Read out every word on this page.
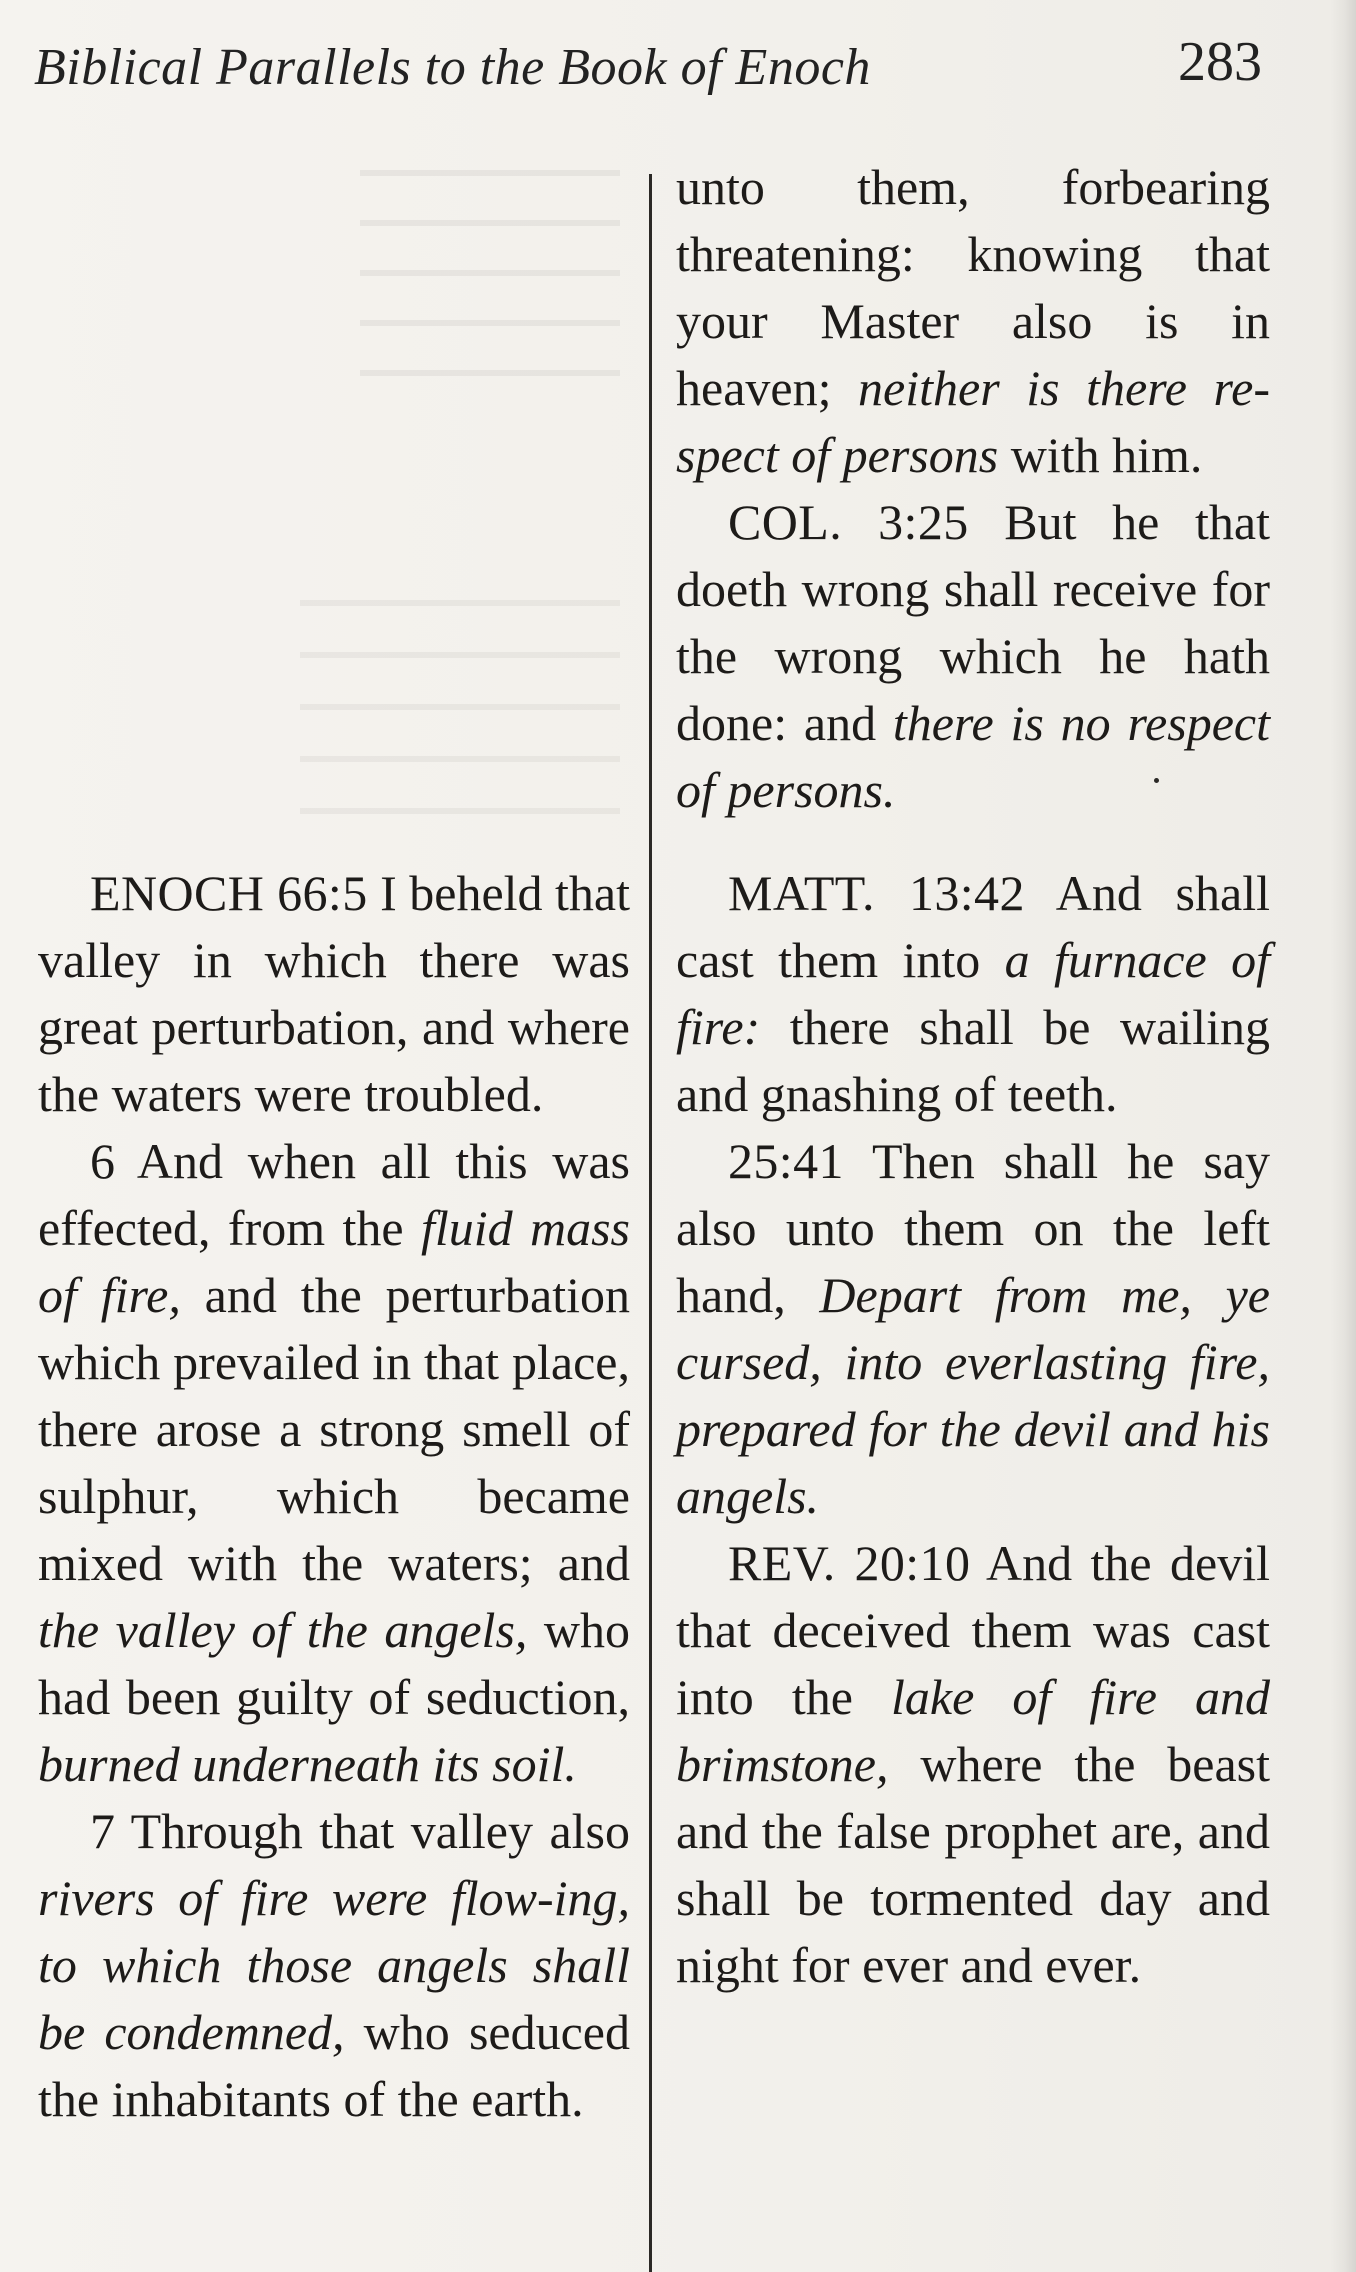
Biblical Parallels to the Book of Enoch	283

unto them, forbearing threatening: knowing that your Master also is in heaven; neither is there re-spect of persons with him.

COL. 3:25 But he that doeth wrong shall receive for the wrong which he hath done: and there is no respect of persons.

ENOCH 66:5 I beheld that valley in which there was great perturbation, and where the waters were troubled.

6 And when all this was effected, from the fluid mass of fire, and the perturbation which prevailed in that place, there arose a strong smell of sulphur, which became mixed with the waters; and the valley of the angels, who had been guilty of seduction, burned underneath its soil.

7 Through that valley also rivers of fire were flow-ing, to which those angels shall be condemned, who seduced the inhabitants of the earth.

MATT. 13:42 And shall cast them into a furnace of fire: there shall be wailing and gnashing of teeth.

25:41 Then shall he say also unto them on the left hand, Depart from me, ye cursed, into everlasting fire, prepared for the devil and his angels.

REV. 20:10 And the devil that deceived them was cast into the lake of fire and brimstone, where the beast and the false prophet are, and shall be tormented day and night for ever and ever.
